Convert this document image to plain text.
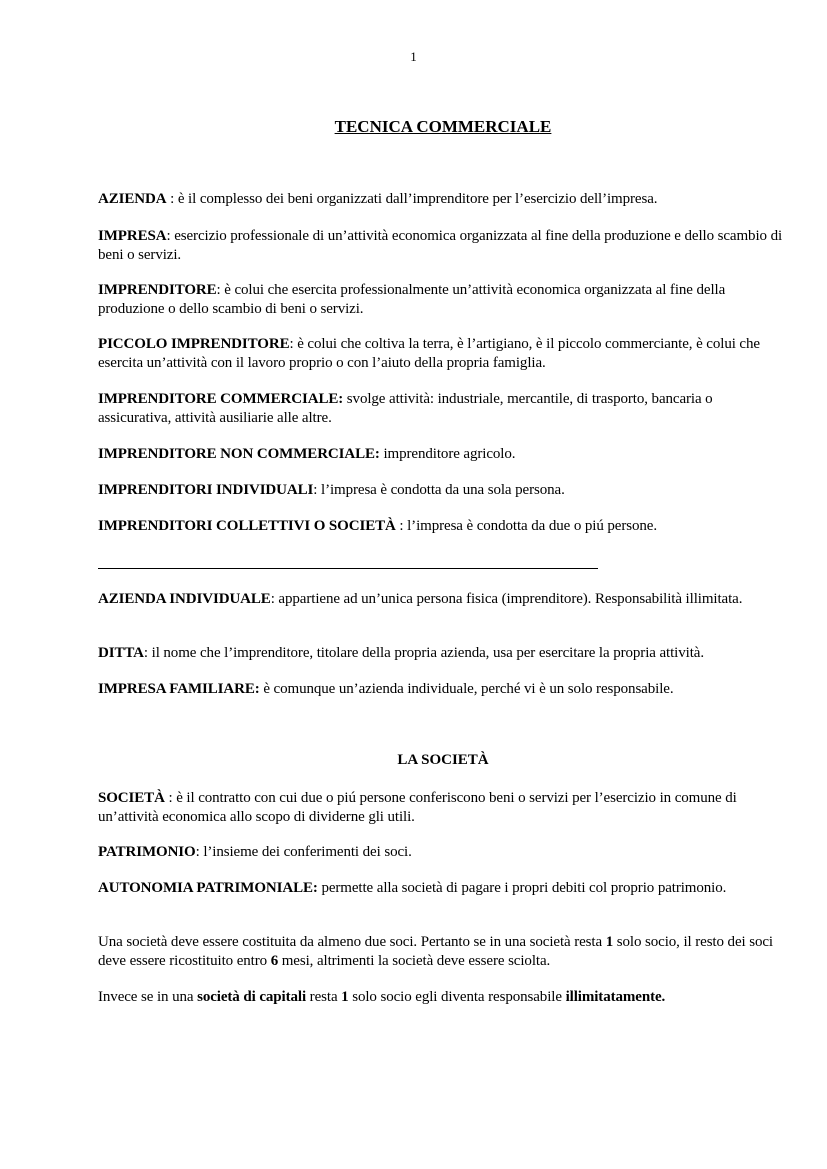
1
TECNICA COMMERCIALE
AZIENDA : è il complesso dei beni organizzati dall’imprenditore per l’esercizio dell’impresa.
IMPRESA: esercizio professionale di un’attività economica organizzata al fine della produzione e dello scambio di beni o servizi.
IMPRENDITORE: è colui che esercita professionalmente un’attività economica organizzata al fine della produzione o dello scambio di beni o servizi.
PICCOLO IMPRENDITORE: è colui che coltiva la terra, è l’artigiano, è il piccolo commerciante, è colui che esercita un’attività con il lavoro proprio o con l’aiuto della propria famiglia.
IMPRENDITORE COMMERCIALE: svolge attività: industriale, mercantile, di trasporto, bancaria o assicurativa, attività ausiliarie alle altre.
IMPRENDITORE NON COMMERCIALE: imprenditore agricolo.
IMPRENDITORI INDIVIDUALI: l’impresa è condotta da una sola persona.
IMPRENDITORI COLLETTIVI O SOCIETÀ : l’impresa è condotta da due o piú persone.
AZIENDA INDIVIDUALE: appartiene ad un’unica persona fisica (imprenditore). Responsabilità illimitata.
DITTA: il nome che l’imprenditore, titolare della propria azienda, usa per esercitare la propria attività.
IMPRESA FAMILIARE: è comunque un’azienda individuale, perché vi è un solo responsabile.
SOCIETÀ : è il contratto con cui due o piú persone conferiscono beni o servizi per l’esercizio in comune di un’attività economica allo scopo di dividerne gli utili.
PATRIMONIO: l’insieme dei conferimenti dei soci.
AUTONOMIA PATRIMONIALE: permette alla società di pagare i propri debiti col proprio patrimonio.
Una società deve essere costituita da almeno due soci. Pertanto se in una società resta 1 solo socio, il resto dei soci deve essere ricostituito entro 6 mesi, altrimenti la società deve essere sciolta.
Invece se in una società di capitali resta 1 solo socio egli diventa responsabile illimitatamente.
LA SOCIETÀ
